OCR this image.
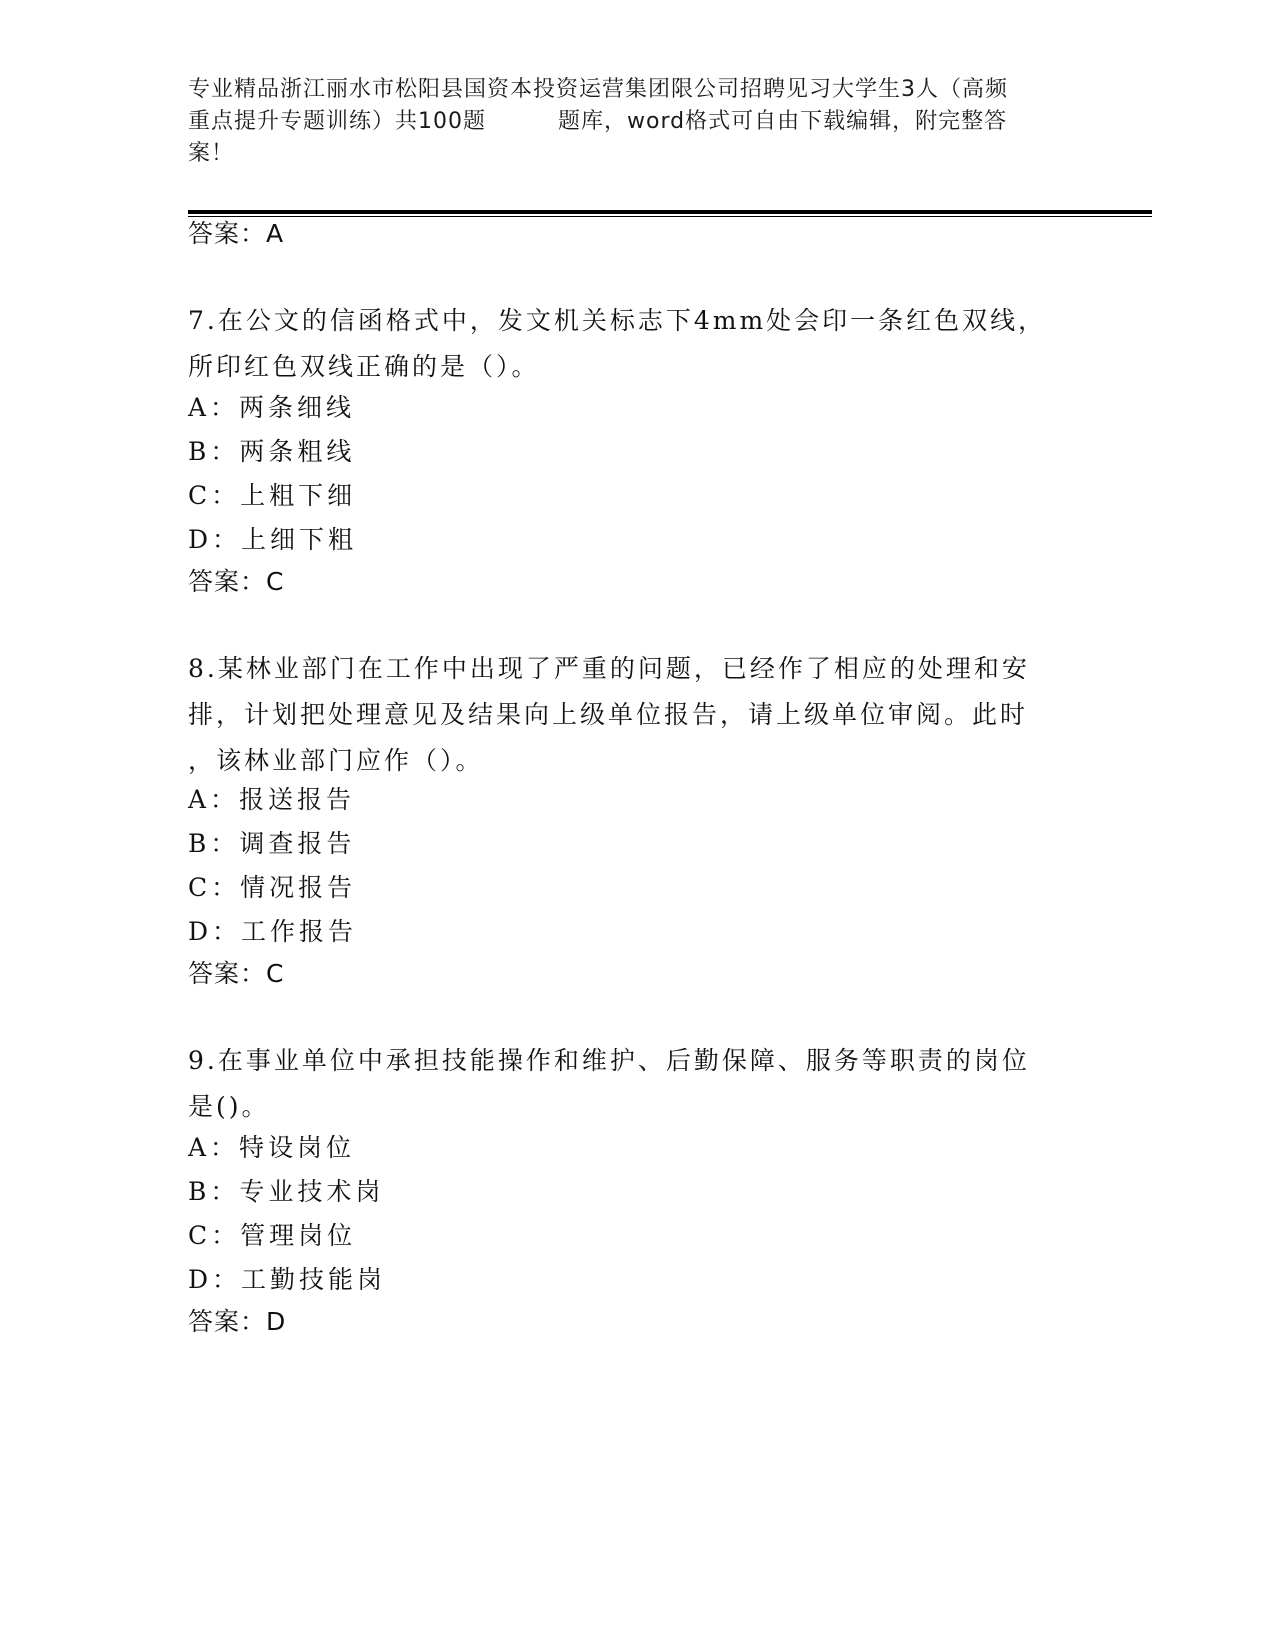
专业精品浙江丽水市松阳县国资本投资运营集团限公司招聘见习大学生3人（高频
重点提升专题训练）共100题	题库，word格式可自由下载编辑，附完整答
案！
答案：A
7.在公文的信函格式中，发文机关标志下4mm处会印一条红色双线，
所印红色双线正确的是（）。
A：两条细线
B：两条粗线
C：上粗下细
D：上细下粗
答案：C
8.某林业部门在工作中出现了严重的问题，已经作了相应的处理和安
排，计划把处理意见及结果向上级单位报告，请上级单位审阅。此时
，该林业部门应作（）。
A：报送报告
B：调查报告
C：情况报告
D：工作报告
答案：C
9.在事业单位中承担技能操作和维护、后勤保障、服务等职责的岗位
是()。
A：特设岗位
B：专业技术岗
C：管理岗位
D：工勤技能岗
答案：D
